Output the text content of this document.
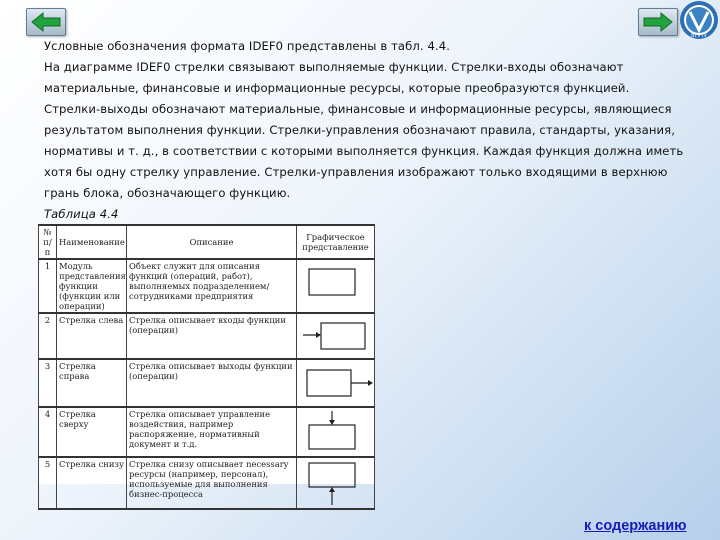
ВГУТУ

Условные обозначения формата IDEF0 представлены в табл. 4.4.

На диаграмме IDEF0 стрелки связывают выполняемые функции. Стрелки-входы обозначают материальные, финансовые и информационные ресурсы, которые преобразуются функцией. Стрелки-выходы обозначают материальные, финансовые и информационные ресурсы, являющиеся результатом выполнения функции. Стрелки-управления обозначают правила, стандарты, указания, нормативы и т. д., в соответствии с которыми выполняется функция. Каждая функция должна иметь хотя бы одну стрелку управление. Стрелки-управления изображают только входящими в верхнюю грань блока, обозначающего функцию.

Таблица 4.4

№ п/п	Наименование	Описание	Графическое представление
1	Модуль представления функции (функции или операции)	Объект служит для описания функций (операций, работ), выполняемых подразделением/сотрудниками предприятия	

2	Стрелка слева	Стрелка описывает входы функции (операции)	

3	Стрелка справа	Стрелка описывает выходы функции (операции)	

4	Стрелка сверху	Стрелка описывает управление воздействия, например распоряжение, нормативный документ и т.д.	

5	Стрелка снизу	Стрелка снизу описывает necessary ресурсы (например, персонал), используемые для выполнения бизнес-процесса	
к содержанию
